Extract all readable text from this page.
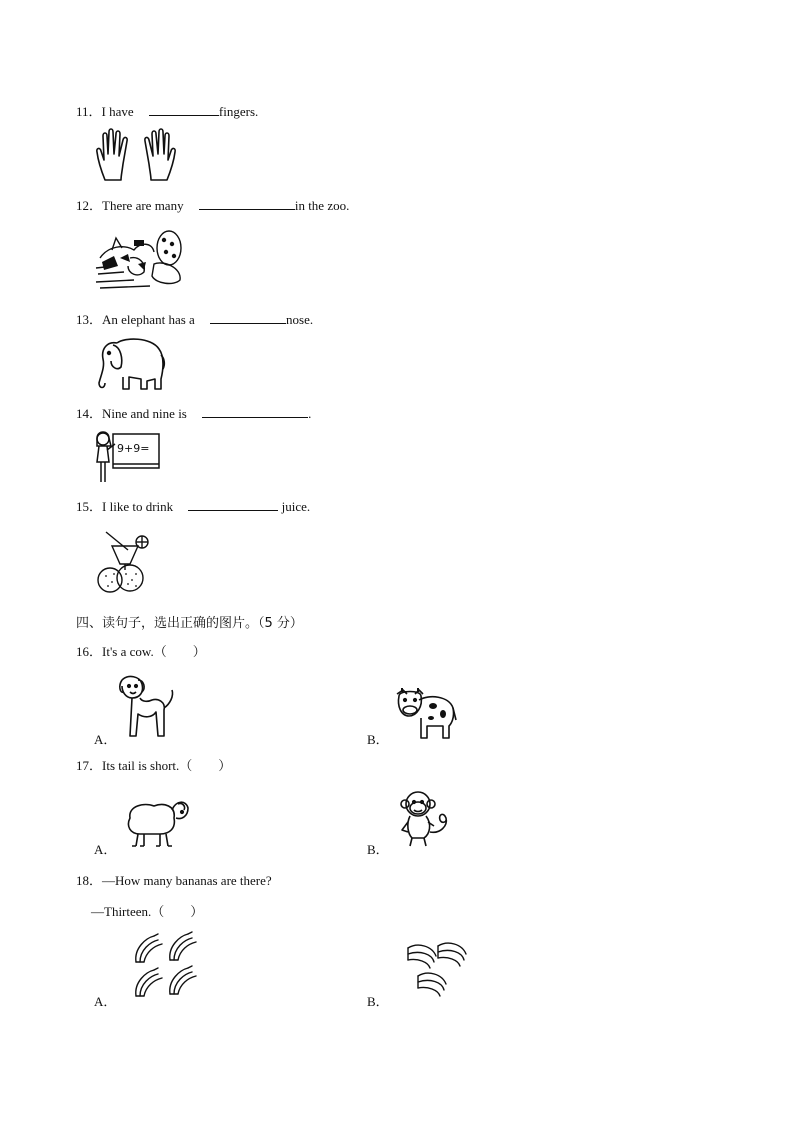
11．I have	fingers.
12．There are many	in the zoo.
13．An elephant has a	nose.
14．Nine and nine is	.
9+9=
15．I like to drink	juice.
四、读句子，选出正确的图片。（5 分）
16．It's a cow.（　　）
A．	B．
17．Its tail is short.（　　）
A．	B．
18．—How many bananas are there?
—Thirteen.（　　）
A．	B．
